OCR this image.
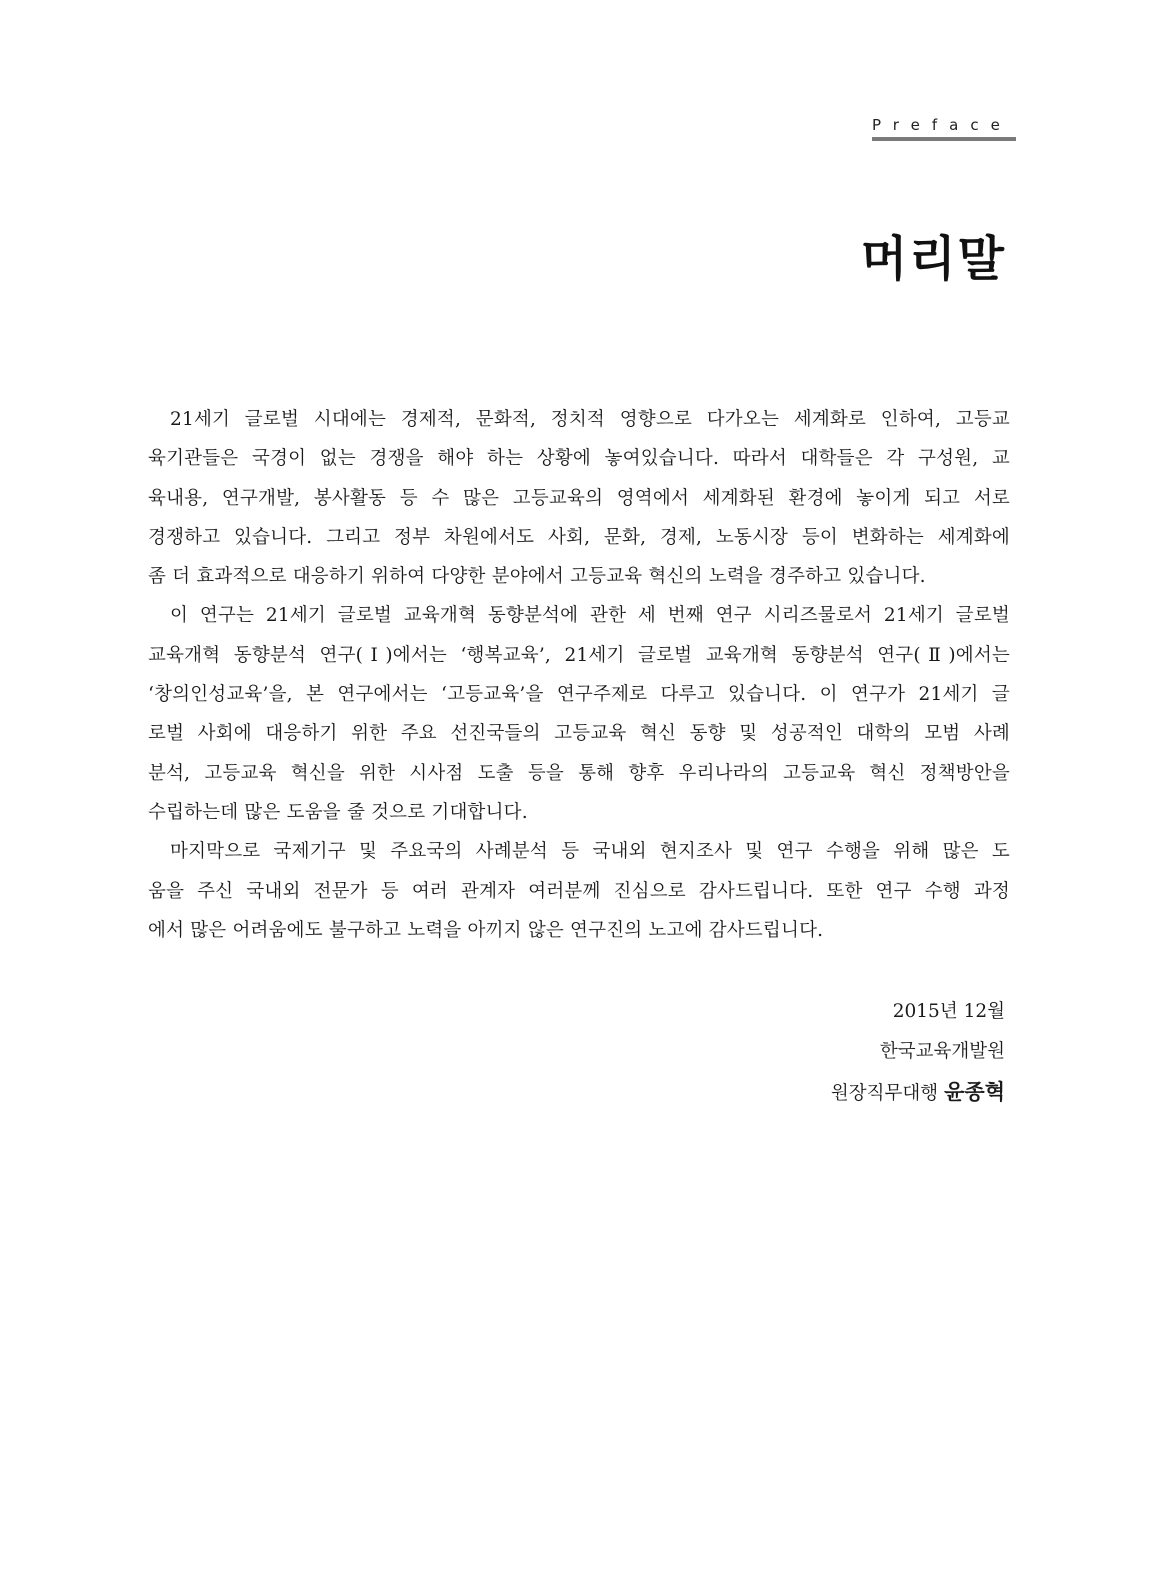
Preface
머리말
21세기 글로벌 시대에는 경제적, 문화적, 정치적 영향으로 다가오는 세계화로 인하여, 고등교
육기관들은 국경이 없는 경쟁을 해야 하는 상황에 놓여있습니다. 따라서 대학들은 각 구성원, 교
육내용, 연구개발, 봉사활동 등 수 많은 고등교육의 영역에서 세계화된 환경에 놓이게 되고 서로
경쟁하고 있습니다. 그리고 정부 차원에서도 사회, 문화, 경제, 노동시장 등이 변화하는 세계화에
좀 더 효과적으로 대응하기 위하여 다양한 분야에서 고등교육 혁신의 노력을 경주하고 있습니다.
이 연구는 21세기 글로벌 교육개혁 동향분석에 관한 세 번째 연구 시리즈물로서 21세기 글로벌
교육개혁 동향분석 연구(Ⅰ)에서는 ‘행복교육’, 21세기 글로벌 교육개혁 동향분석 연구(Ⅱ)에서는
‘창의인성교육’을, 본 연구에서는 ‘고등교육’을 연구주제로 다루고 있습니다. 이 연구가 21세기 글
로벌 사회에 대응하기 위한 주요 선진국들의 고등교육 혁신 동향 및 성공적인 대학의 모범 사례
분석, 고등교육 혁신을 위한 시사점 도출 등을 통해 향후 우리나라의 고등교육 혁신 정책방안을
수립하는데 많은 도움을 줄 것으로 기대합니다.
마지막으로 국제기구 및 주요국의 사례분석 등 국내외 현지조사 및 연구 수행을 위해 많은 도
움을 주신 국내외 전문가 등 여러 관계자 여러분께 진심으로 감사드립니다. 또한 연구 수행 과정
에서 많은 어려움에도 불구하고 노력을 아끼지 않은 연구진의 노고에 감사드립니다.
2015년 12월
한국교육개발원
원장직무대행 윤종혁
